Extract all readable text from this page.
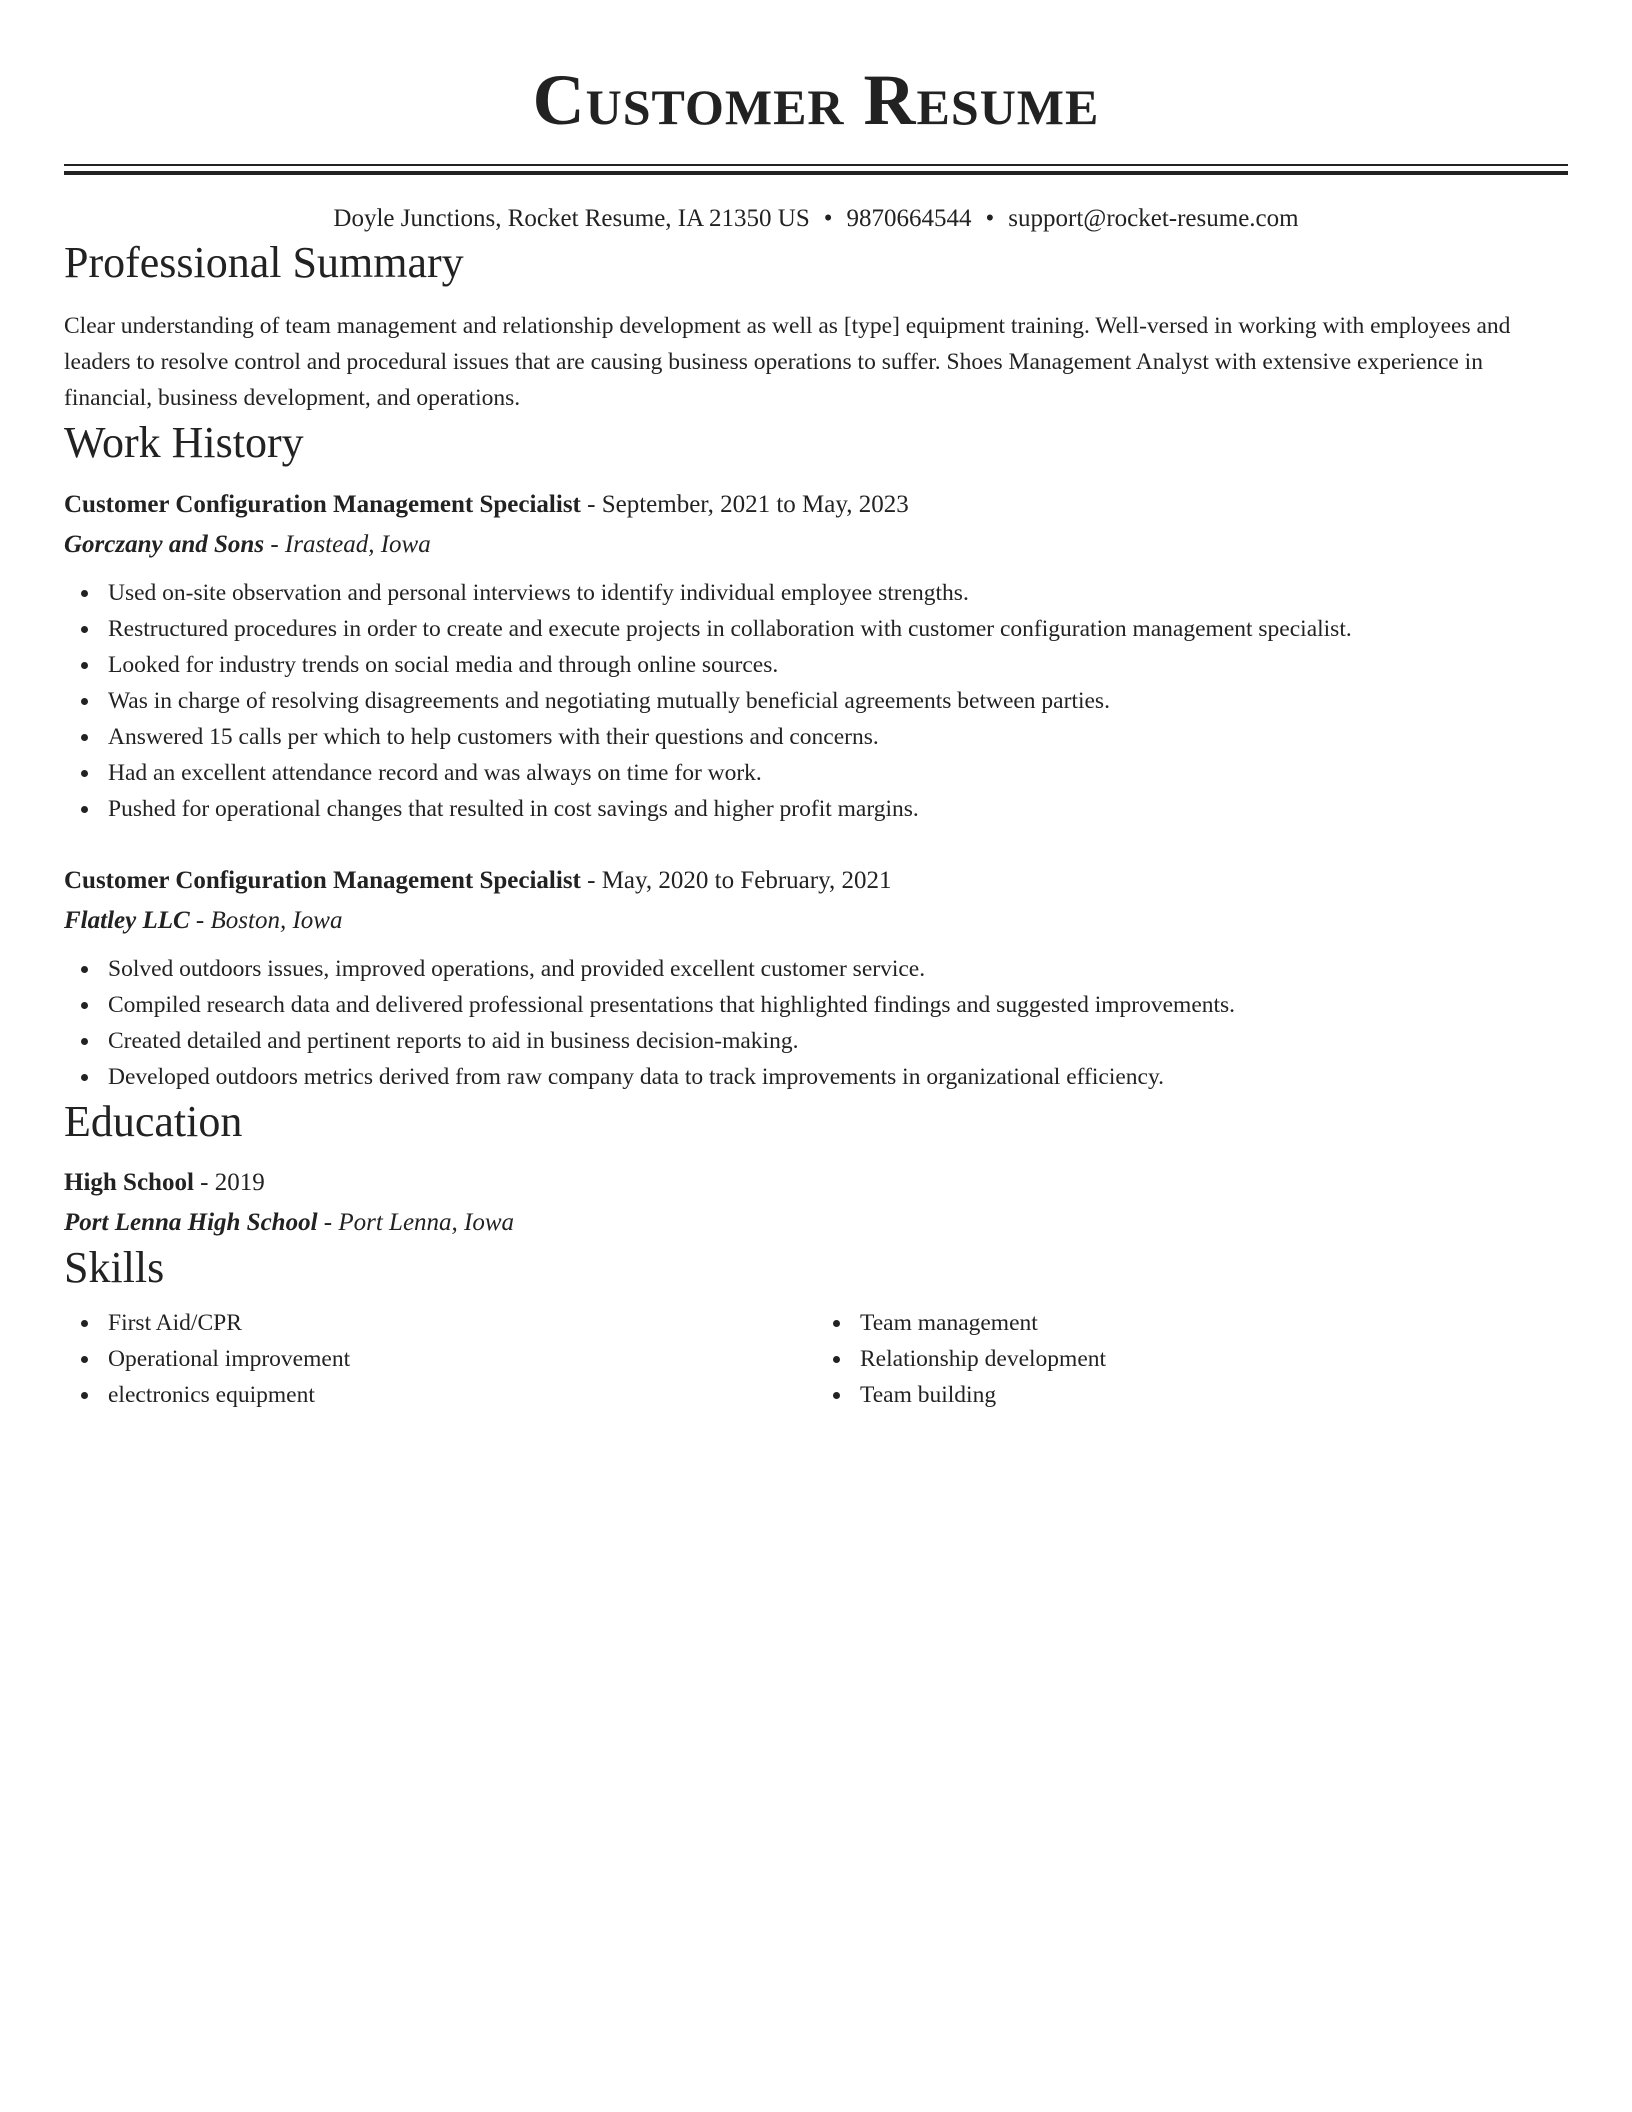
Customer Resume
Doyle Junctions, Rocket Resume, IA 21350 US • 9870664544 • support@rocket-resume.com
Professional Summary

Clear understanding of team management and relationship development as well as [type] equipment training. Well-versed in working with employees and leaders to resolve control and procedural issues that are causing business operations to suffer. Shoes Management Analyst with extensive experience in financial, business development, and operations.

Work History
Customer Configuration Management Specialist - September, 2021 to May, 2023
Gorczany and Sons - Irastead, Iowa
Used on-site observation and personal interviews to identify individual employee strengths.
Restructured procedures in order to create and execute projects in collaboration with customer configuration management specialist.
Looked for industry trends on social media and through online sources.
Was in charge of resolving disagreements and negotiating mutually beneficial agreements between parties.
Answered 15 calls per which to help customers with their questions and concerns.
Had an excellent attendance record and was always on time for work.
Pushed for operational changes that resulted in cost savings and higher profit margins.
Customer Configuration Management Specialist - May, 2020 to February, 2021
Flatley LLC - Boston, Iowa
Solved outdoors issues, improved operations, and provided excellent customer service.
Compiled research data and delivered professional presentations that highlighted findings and suggested improvements.
Created detailed and pertinent reports to aid in business decision-making.
Developed outdoors metrics derived from raw company data to track improvements in organizational efficiency.
Education
High School - 2019
Port Lenna High School - Port Lenna, Iowa
Skills
First Aid/CPR
Operational improvement
electronics equipment
Team management
Relationship development
Team building
